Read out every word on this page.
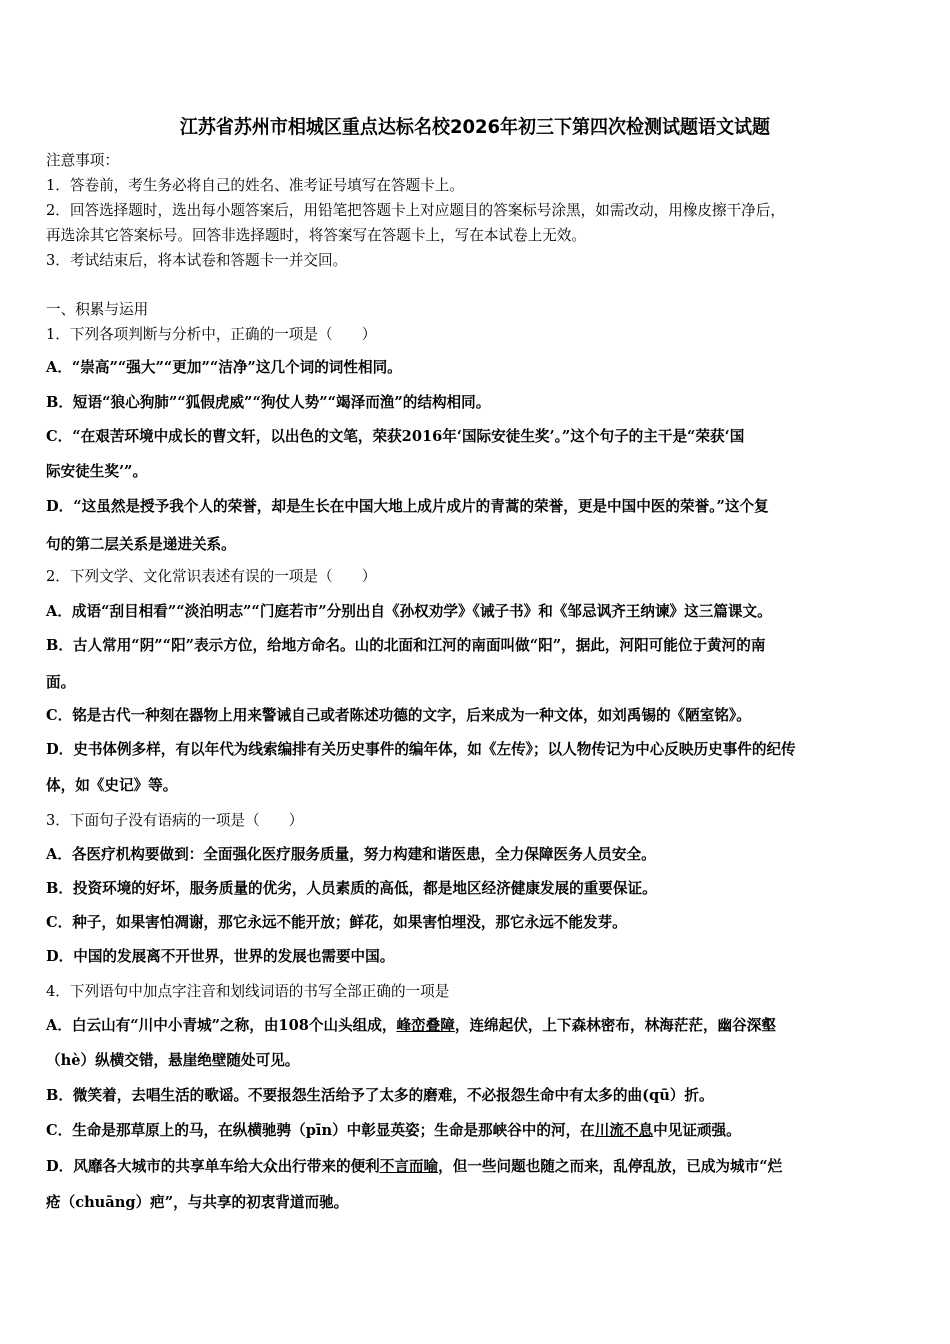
江苏省苏州市相城区重点达标名校2026年初三下第四次检测试题语文试题
注意事项：
1．答卷前，考生务必将自己的姓名、准考证号填写在答题卡上。
2．回答选择题时，选出每小题答案后，用铅笔把答题卡上对应题目的答案标号涂黑，如需改动，用橡皮擦干净后，
再选涂其它答案标号。回答非选择题时，将答案写在答题卡上，写在本试卷上无效。
3．考试结束后，将本试卷和答题卡一并交回。
一、积累与运用
1．下列各项判断与分析中，正确的一项是（　　）
A．“崇高”“强大”“更加”“洁净”这几个词的词性相同。
B．短语“狼心狗肺”“狐假虎威”“狗仗人势”“竭泽而渔”的结构相同。
C．“在艰苦环境中成长的曹文轩，以出色的文笔，荣获2016年‘国际安徒生奖’。”这个句子的主干是“荣获‘国
际安徒生奖’”。
D．“这虽然是授予我个人的荣誉，却是生长在中国大地上成片成片的青蒿的荣誉，更是中国中医的荣誉。”这个复
句的第二层关系是递进关系。
2．下列文学、文化常识表述有误的一项是（　　）
A．成语“刮目相看”“淡泊明志”“门庭若市”分别出自《孙权劝学》《诫子书》和《邹忌讽齐王纳谏》这三篇课文。
B．古人常用“阴”“阳”表示方位，给地方命名。山的北面和江河的南面叫做“阳”，据此，河阳可能位于黄河的南
面。
C．铭是古代一种刻在器物上用来警诫自己或者陈述功德的文字，后来成为一种文体，如刘禹锡的《陋室铭》。
D．史书体例多样，有以年代为线索编排有关历史事件的编年体，如《左传》；以人物传记为中心反映历史事件的纪传
体，如《史记》等。
3．下面句子没有语病的一项是（　　）
A．各医疗机构要做到：全面强化医疗服务质量，努力构建和谐医患，全力保障医务人员安全。
B．投资环境的好坏，服务质量的优劣，人员素质的高低，都是地区经济健康发展的重要保证。
C．种子，如果害怕凋谢，那它永远不能开放；鲜花，如果害怕埋没，那它永远不能发芽。
D．中国的发展离不开世界，世界的发展也需要中国。
4．下列语句中加点字注音和划线词语的书写全部正确的一项是
A．白云山有“川中小青城”之称，由108个山头组成，峰峦叠障，连绵起伏，上下森林密布，林海茫茫，幽谷深壑
（hè）纵横交错，悬崖绝壁随处可见。
B．微笑着，去唱生活的歌谣。不要报怨生活给予了太多的磨难，不必报怨生命中有太多的曲(qū）折。
C．生命是那草原上的马，在纵横驰骋（pīn）中彰显英姿；生命是那峡谷中的河，在川流不息中见证顽强。
D．风靡各大城市的共享单车给大众出行带来的便利不言而喻，但一些问题也随之而来，乱停乱放，已成为城市“烂
疮（chuāng）疤”，与共享的初衷背道而驰。
